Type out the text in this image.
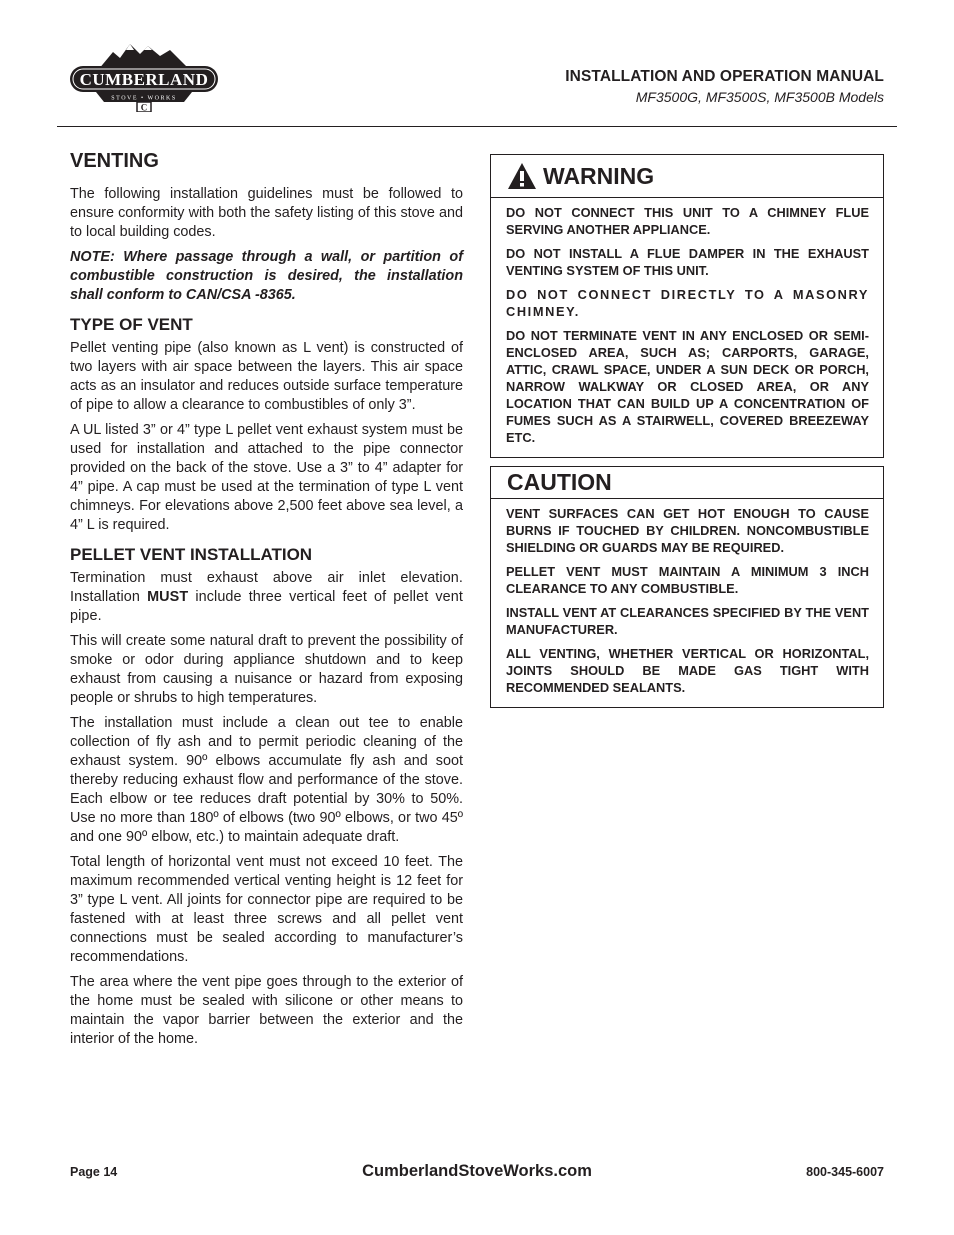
CUMBERLAND
STOVE • WORKS
C
INSTALLATION AND OPERATION MANUAL
MF3500G, MF3500S, MF3500B Models
VENTING

The following installation guidelines must be followed to ensure conformity with both the safety listing of this stove and to local building codes.

NOTE: Where passage through a wall, or partition of combustible construction is desired, the installation shall conform to CAN/CSA -8365.

TYPE OF VENT

Pellet venting pipe (also known as L vent) is constructed of two layers with air space between the layers. This air space acts as an insulator and reduces outside surface temperature of pipe to allow a clearance to combustibles of only 3”.

A UL listed 3” or 4” type L pellet vent exhaust system must be used for installation and attached to the pipe connector provided on the back of the stove. Use a 3” to 4” adapter for 4” pipe. A cap must be used at the termination of type L vent chimneys. For elevations above 2,500 feet above sea level, a 4” L is required.

PELLET VENT INSTALLATION

Termination must exhaust above air inlet elevation. Installation MUST include three vertical feet of pellet vent pipe.

This will create some natural draft to prevent the possibility of smoke or odor during appliance shutdown and to keep exhaust from causing a nuisance or hazard from exposing people or shrubs to high temperatures.

The installation must include a clean out tee to enable collection of fly ash and to permit periodic cleaning of the exhaust system. 90º elbows accumulate fly ash and soot thereby reducing exhaust flow and performance of the stove. Each elbow or tee reduces draft potential by 30% to 50%. Use no more than 180º of elbows (two 90º elbows, or two 45º and one 90º elbow, etc.) to maintain adequate draft.

Total length of horizontal vent must not exceed 10 feet. The maximum recommended vertical venting height is 12 feet for 3” type L vent. All joints for connector pipe are required to be fastened with at least three screws and all pellet vent connections must be sealed according to manufacturer’s recommendations.

The area where the vent pipe goes through to the exterior of the home must be sealed with silicone or other means to maintain the vapor barrier between the exterior and the interior of the home.

WARNING

DO NOT CONNECT THIS UNIT TO A CHIMNEY FLUE SERVING ANOTHER APPLIANCE.

DO NOT INSTALL A FLUE DAMPER IN THE EXHAUST VENTING SYSTEM OF THIS UNIT.

DO NOT CONNECT DIRECTLY TO A MASONRY CHIMNEY.

DO NOT TERMINATE VENT IN ANY ENCLOSED OR SEMI-ENCLOSED AREA, SUCH AS; CARPORTS, GARAGE, ATTIC, CRAWL SPACE, UNDER A SUN DECK OR PORCH, NARROW WALKWAY OR CLOSED AREA, OR ANY LOCATION THAT CAN BUILD UP A CONCENTRATION OF FUMES SUCH AS A STAIRWELL, COVERED BREEZEWAY ETC.

CAUTION

VENT SURFACES CAN GET HOT ENOUGH TO CAUSE BURNS IF TOUCHED BY CHILDREN. NONCOMBUSTIBLE SHIELDING OR GUARDS MAY BE REQUIRED.

PELLET VENT MUST MAINTAIN A MINIMUM 3 INCH CLEARANCE TO ANY COMBUSTIBLE.

INSTALL VENT AT CLEARANCES SPECIFIED BY THE VENT MANUFACTURER.

ALL VENTING, WHETHER VERTICAL OR HORIZONTAL, JOINTS SHOULD BE MADE GAS TIGHT WITH RECOMMENDED SEALANTS.

Page 14	CumberlandStoveWorks.com	800-345-6007
